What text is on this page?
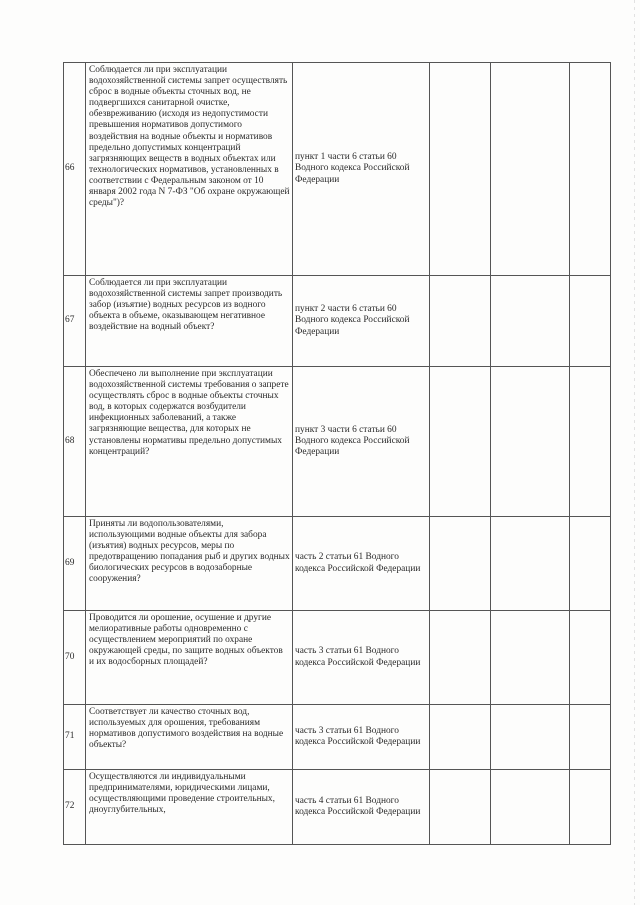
66	Соблюдается ли при эксплуатации водохозяйственной системы запрет осуществлять сброс в водные объекты сточных вод, не подвергшихся санитарной очистке, обезвреживанию (исходя из недопустимости превышения нормативов допустимого воздействия на водные объекты и нормативов предельно допустимых концентраций загрязняющих веществ в водных объектах или технологических нормативов, установленных в соответствии с Федеральным законом от 10 января 2002 года N 7-ФЗ "Об охране окружающей среды")?	пункт 1 части 6 статьи 60 Водного кодекса Российской Федерации			

67	Соблюдается ли при эксплуатации водохозяйственной системы запрет производить забор (изъятие) водных ресурсов из водного объекта в объеме, оказывающем негативное воздействие на водный объект?	пункт 2 части 6 статьи 60 Водного кодекса Российской Федерации			

68	Обеспечено ли выполнение при эксплуатации водохозяйственной системы требования о запрете осуществлять сброс в водные объекты сточных вод, в которых содержатся возбудители инфекционных заболеваний, а также загрязняющие вещества, для которых не установлены нормативы предельно допустимых концентраций?	пункт 3 части 6 статьи 60 Водного кодекса Российской Федерации			

69	Приняты ли водопользователями, использующими водные объекты для забора (изъятия) водных ресурсов, меры по предотвращению попадания рыб и других водных биологических ресурсов в водозаборные сооружения?	часть 2 статьи 61 Водного кодекса Российской Федерации			

70	Проводится ли орошение, осушение и другие мелиоративные работы одновременно с осуществлением мероприятий по охране окружающей среды, по защите водных объектов и их водосборных площадей?	часть 3 статьи 61 Водного кодекса Российской Федерации			

71	Соответствует ли качество сточных вод, используемых для орошения, требованиям нормативов допустимого воздействия на водные объекты?	часть 3 статьи 61 Водного кодекса Российской Федерации			

72	Осуществляются ли индивидуальными предпринимателями, юридическими лицами, осуществляющими проведение строительных, дноуглубительных,	часть 4 статьи 61 Водного кодекса Российской Федерации			
